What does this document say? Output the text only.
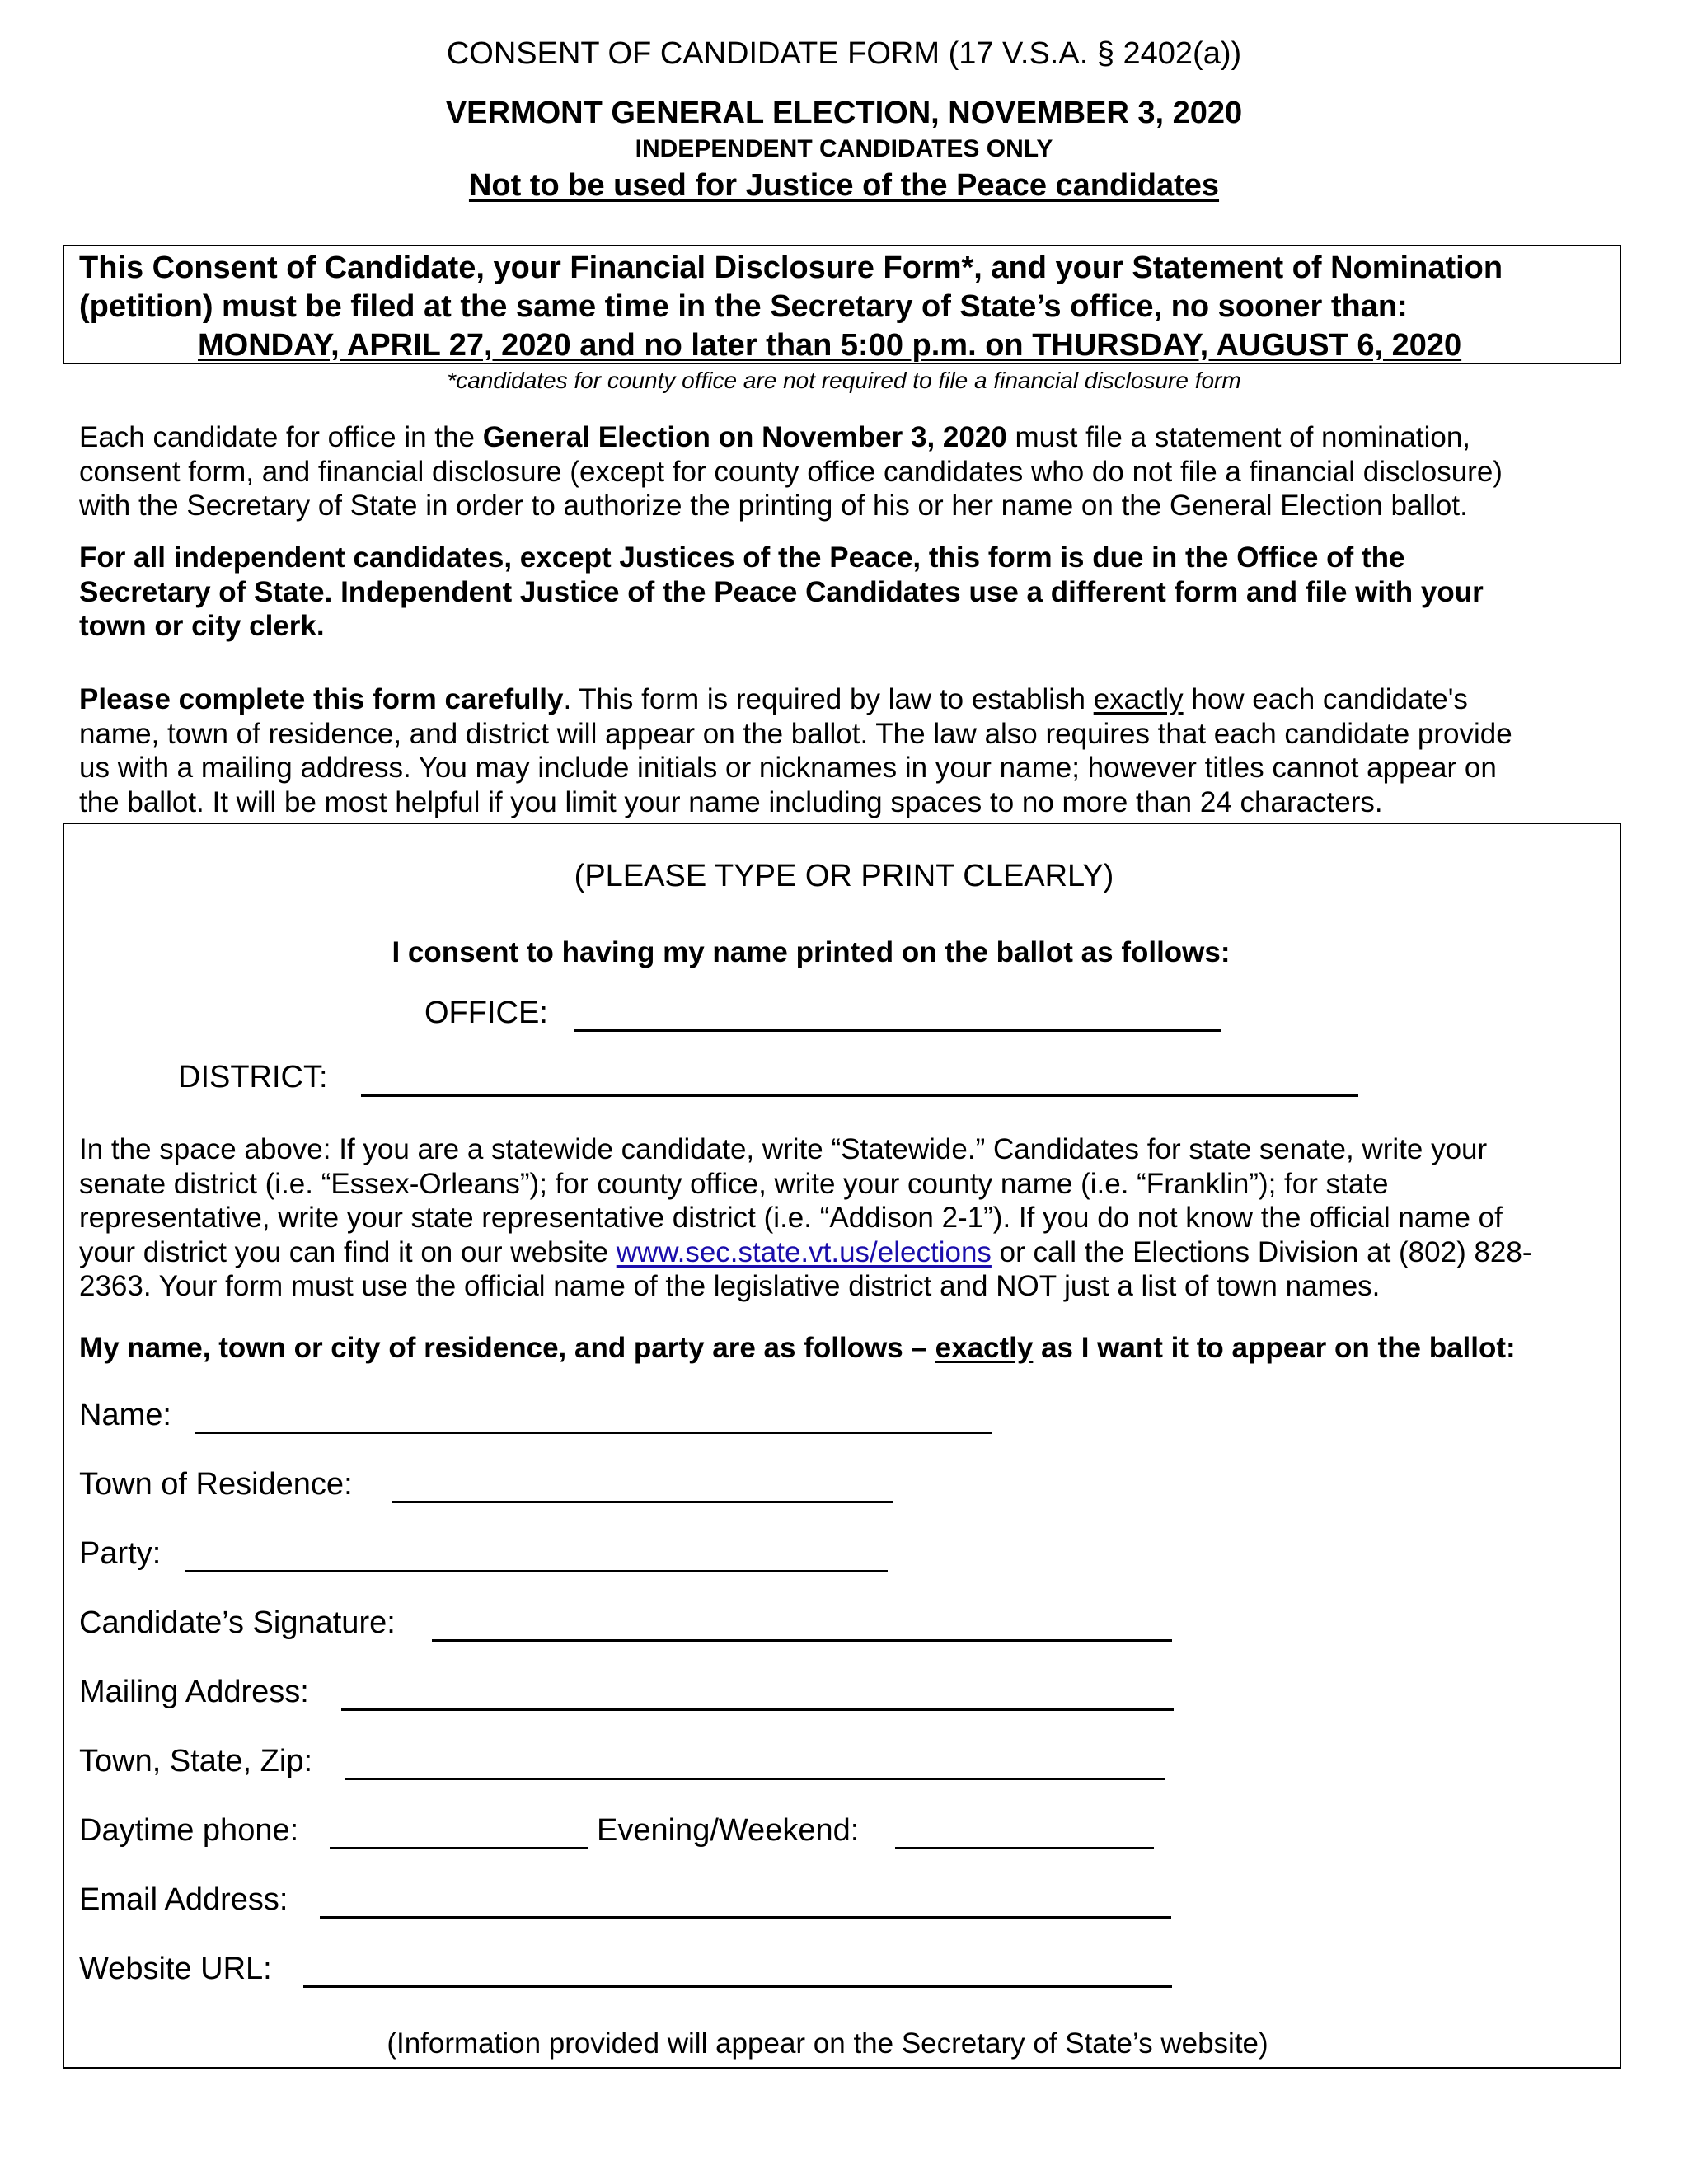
CONSENT OF CANDIDATE FORM (17 V.S.A. § 2402(a))
VERMONT GENERAL ELECTION, NOVEMBER 3, 2020
INDEPENDENT CANDIDATES ONLY
Not to be used for Justice of the Peace candidates
This Consent of Candidate, your Financial Disclosure Form*, and your Statement of Nomination
(petition) must be filed at the same time in the Secretary of State’s office, no sooner than:
MONDAY, APRIL 27, 2020 and no later than 5:00 p.m. on THURSDAY, AUGUST 6, 2020
*candidates for county office are not required to file a financial disclosure form
Each candidate for office in the General Election on November 3, 2020 must file a statement of nomination,
consent form, and financial disclosure (except for county office candidates who do not file a financial disclosure)
with the Secretary of State in order to authorize the printing of his or her name on the General Election ballot.
For all independent candidates, except Justices of the Peace, this form is due in the Office of the
Secretary of State. Independent Justice of the Peace Candidates use a different form and file with your
town or city clerk.
Please complete this form carefully. This form is required by law to establish exactly how each candidate's
name, town of residence, and district will appear on the ballot. The law also requires that each candidate provide
us with a mailing address. You may include initials or nicknames in your name; however titles cannot appear on
the ballot. It will be most helpful if you limit your name including spaces to no more than 24 characters.
(PLEASE TYPE OR PRINT CLEARLY)
I consent to having my name printed on the ballot as follows:
OFFICE:
DISTRICT:
In the space above: If you are a statewide candidate, write “Statewide.” Candidates for state senate, write your
senate district (i.e. “Essex-Orleans”); for county office, write your county name (i.e. “Franklin”); for state
representative, write your state representative district (i.e. “Addison 2-1”). If you do not know the official name of
your district you can find it on our website www.sec.state.vt.us/elections or call the Elections Division at (802) 828-
2363. Your form must use the official name of the legislative district and NOT just a list of town names.
My name, town or city of residence, and party are as follows – exactly as I want it to appear on the ballot:
Name:
Town of Residence:
Party:
Candidate’s Signature:
Mailing Address:
Town, State, Zip:
Daytime phone:	Evening/Weekend:
Email Address:
Website URL:
(Information provided will appear on the Secretary of State’s website)
